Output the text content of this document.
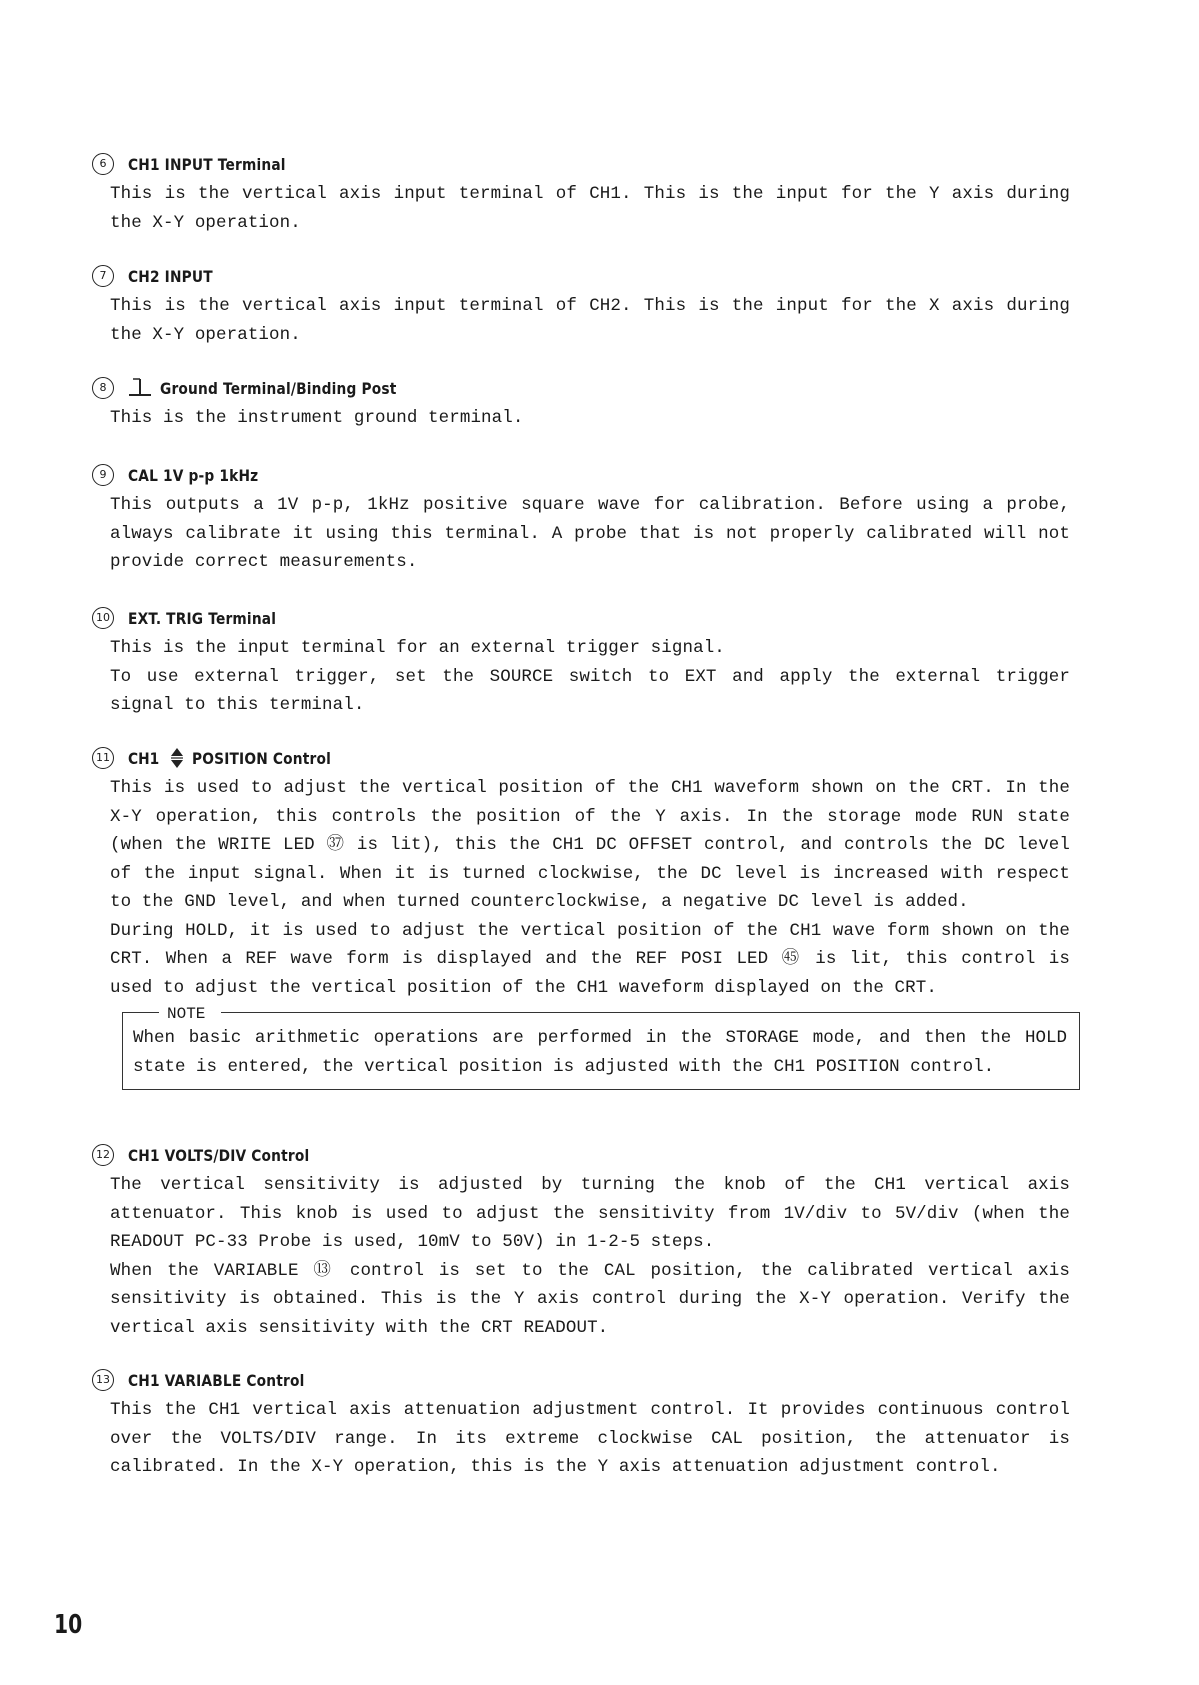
6	CH1 INPUT Terminal

This is the vertical axis input terminal of CH1. This is the input for the Y axis during the X-Y operation.

7	CH2 INPUT

This is the vertical axis input terminal of CH2. This is the input for the X axis during the X-Y operation.

8	Ground Terminal/Binding Post

This is the instrument ground terminal.

9	CAL 1V p-p 1kHz

This outputs a 1V p-p, 1kHz positive square wave for calibration. Before using a probe, always calibrate it using this terminal. A probe that is not properly calibrated will not provide correct measurements.

10 EXT. TRIG Terminal

This is the input terminal for an external trigger signal.

To use external trigger, set the SOURCE switch to EXT and apply the external trigger signal to this terminal.

11 CH1 POSITION Control

This is used to adjust the vertical position of the CH1 waveform shown on the CRT. In the X-Y operation, this controls the position of the Y axis. In the storage mode RUN state (when the WRITE LED ㊲ is lit), this the CH1 DC OFFSET control, and controls the DC level of the input signal. When it is turned clockwise, the DC level is increased with respect to the GND level, and when turned counterclockwise, a negative DC level is added.

During HOLD, it is used to adjust the vertical position of the CH1 wave form shown on the CRT. When a REF wave form is displayed and the REF POSI LED ㊺ is lit, this control is used to adjust the vertical position of the CH1 waveform displayed on the CRT.

NOTE
When basic arithmetic operations are performed in the STORAGE mode, and then the HOLD state is entered, the vertical position is adjusted with the CH1 POSITION control.
12 CH1 VOLTS/DIV Control

The vertical sensitivity is adjusted by turning the knob of the CH1 vertical axis attenuator. This knob is used to adjust the sensitivity from 1V/div to 5V/div (when the READOUT PC-33 Probe is used, 10mV to 50V) in 1-2-5 steps.

When the VARIABLE ⑬ control is set to the CAL position, the calibrated vertical axis sensitivity is obtained. This is the Y axis control during the X-Y operation. Verify the vertical axis sensitivity with the CRT READOUT.

13 CH1 VARIABLE Control

This the CH1 vertical axis attenuation adjustment control. It provides continuous control over the VOLTS/DIV range. In its extreme clockwise CAL position, the attenuator is calibrated. In the X-Y operation, this is the Y axis attenuation adjustment control.

10
